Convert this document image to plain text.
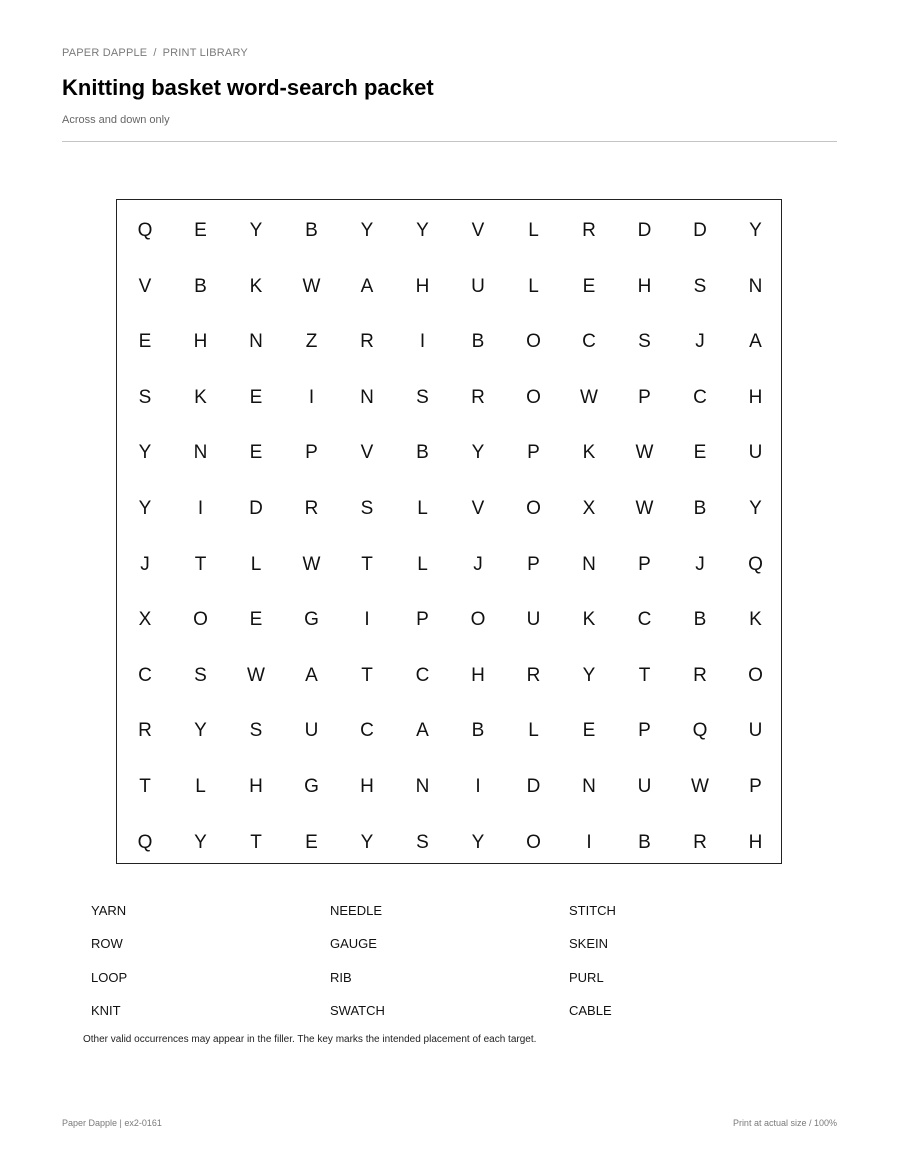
PAPER DAPPLE / PRINT LIBRARY
Knitting basket word-search packet
Across and down only
Q	E	Y	B	Y	Y	V	L	R	D	D	Y
V	B	K	W	A	H	U	L	E	H	S	N
E	H	N	Z	R	I	B	O	C	S	J	A
S	K	E	I	N	S	R	O	W	P	C	H
Y	N	E	P	V	B	Y	P	K	W	E	U
Y	I	D	R	S	L	V	O	X	W	B	Y
J	T	L	W	T	L	J	P	N	P	J	Q
X	O	E	G	I	P	O	U	K	C	B	K
C	S	W	A	T	C	H	R	Y	T	R	O
R	Y	S	U	C	A	B	L	E	P	Q	U
T	L	H	G	H	N	I	D	N	U	W	P
Q	Y	T	E	Y	S	Y	O	I	B	R	H
YARN	NEEDLE	STITCH
ROW	GAUGE	SKEIN
LOOP	RIB	PURL
KNIT	SWATCH	CABLE
Other valid occurrences may appear in the filler. The key marks the intended placement of each target.
Paper Dapple | ex2-0161	Print at actual size / 100%
